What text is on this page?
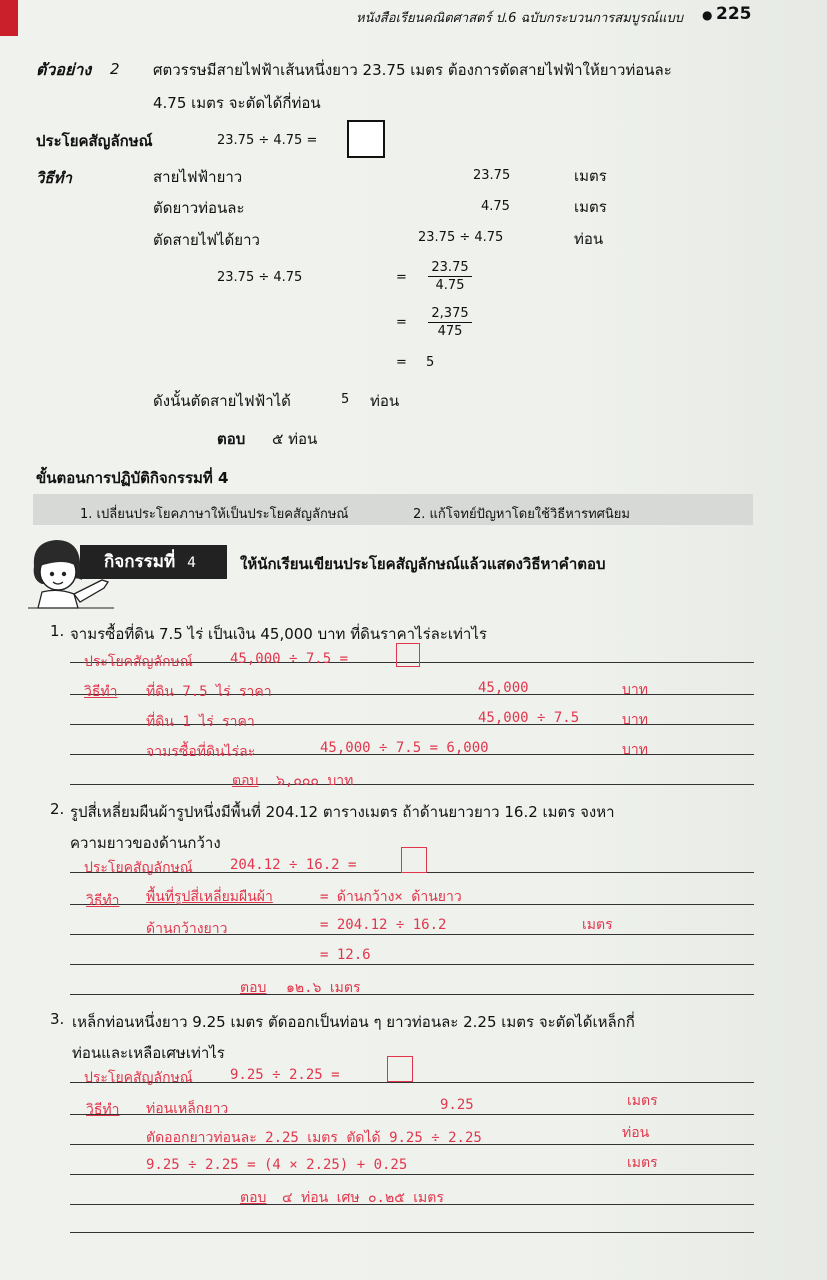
หนังสือเรียนคณิตศาสตร์ ป.6 ฉบับกระบวนการสมบูรณ์แบบ ● 225
ตัวอย่าง 2 ศตวรรษมีสายไฟฟ้าเส้นหนึ่งยาว 23.75 เมตร ต้องการตัดสายไฟฟ้าให้ยาวท่อนละ
4.75 เมตร จะตัดได้กี่ท่อน
ประโยคสัญลักษณ์	23.75 ÷ 4.75 =
วิธีทำ	สายไฟฟ้ายาว	23.75	เมตร
ตัดยาวท่อนละ	4.75	เมตร
ตัดสายไฟได้ยาว	23.75 ÷ 4.75	ท่อน
23.75 ÷ 4.75	= $\frac{23.75}{4.75}$
= $\frac{2,375}{475}$
= 5
ดังนั้นตัดสายไฟฟ้าได้	5 ท่อน
ตอบ ๕ ท่อน
ขั้นตอนการปฏิบัติกิจกรรมที่ 4
1. เปลี่ยนประโยคภาษาให้เป็นประโยคสัญลักษณ์	2. แก้โจทย์ปัญหาโดยใช้วิธีหารทศนิยม
กิจกรรมที่ 4	ให้นักเรียนเขียนประโยคสัญลักษณ์แล้วแสดงวิธีหาคำตอบ
1. จามรซื้อที่ดิน 7.5 ไร่ เป็นเงิน 45,000 บาท ที่ดินราคาไร่ละเท่าไร
ประโยคสัญลักษณ์	45,000 ÷ 7.5 =
วิธีทำ ที่ดิน 7.5 ไร่ ราคา	45,000	บาท
ที่ดิน 1 ไร่ ราคา	45,000 ÷ 7.5	บาท
จามรซื้อที่ดินไร่ละ	45,000 ÷ 7.5 = 6,000	บาท
ตอบ ๖,๐๐๐ บาท
2. รูปสี่เหลี่ยมผืนผ้ารูปหนึ่งมีพื้นที่ 204.12 ตารางเมตร ถ้าด้านยาวยาว 16.2 เมตร จงหา
ความยาวของด้านกว้าง
ประโยคสัญลักษณ์	204.12 ÷ 16.2 =
วิธีทำ พื้นที่รูปสี่เหลี่ยมผืนผ้า	= ด้านกว้าง× ด้านยาว
ด้านกว้างยาว	= 204.12 ÷ 16.2	เมตร
= 12.6
ตอบ ๑๒.๖ เมตร
3. เหล็กท่อนหนึ่งยาว 9.25 เมตร ตัดออกเป็นท่อน ๆ ยาวท่อนละ 2.25 เมตร จะตัดได้เหล็กกี่
ท่อนและเหลือเศษเท่าไร
ประโยคสัญลักษณ์	9.25 ÷ 2.25 =
วิธีทำ ท่อนเหล็กยาว	9.25	เมตร
ตัดออกยาวท่อนละ 2.25 เมตร ตัดได้ 9.25 ÷ 2.25	ท่อน
9.25 ÷ 2.25 = (4 × 2.25) + 0.25	เมตร
ตอบ ๔ ท่อน เศษ ๐.๒๕ เมตร
